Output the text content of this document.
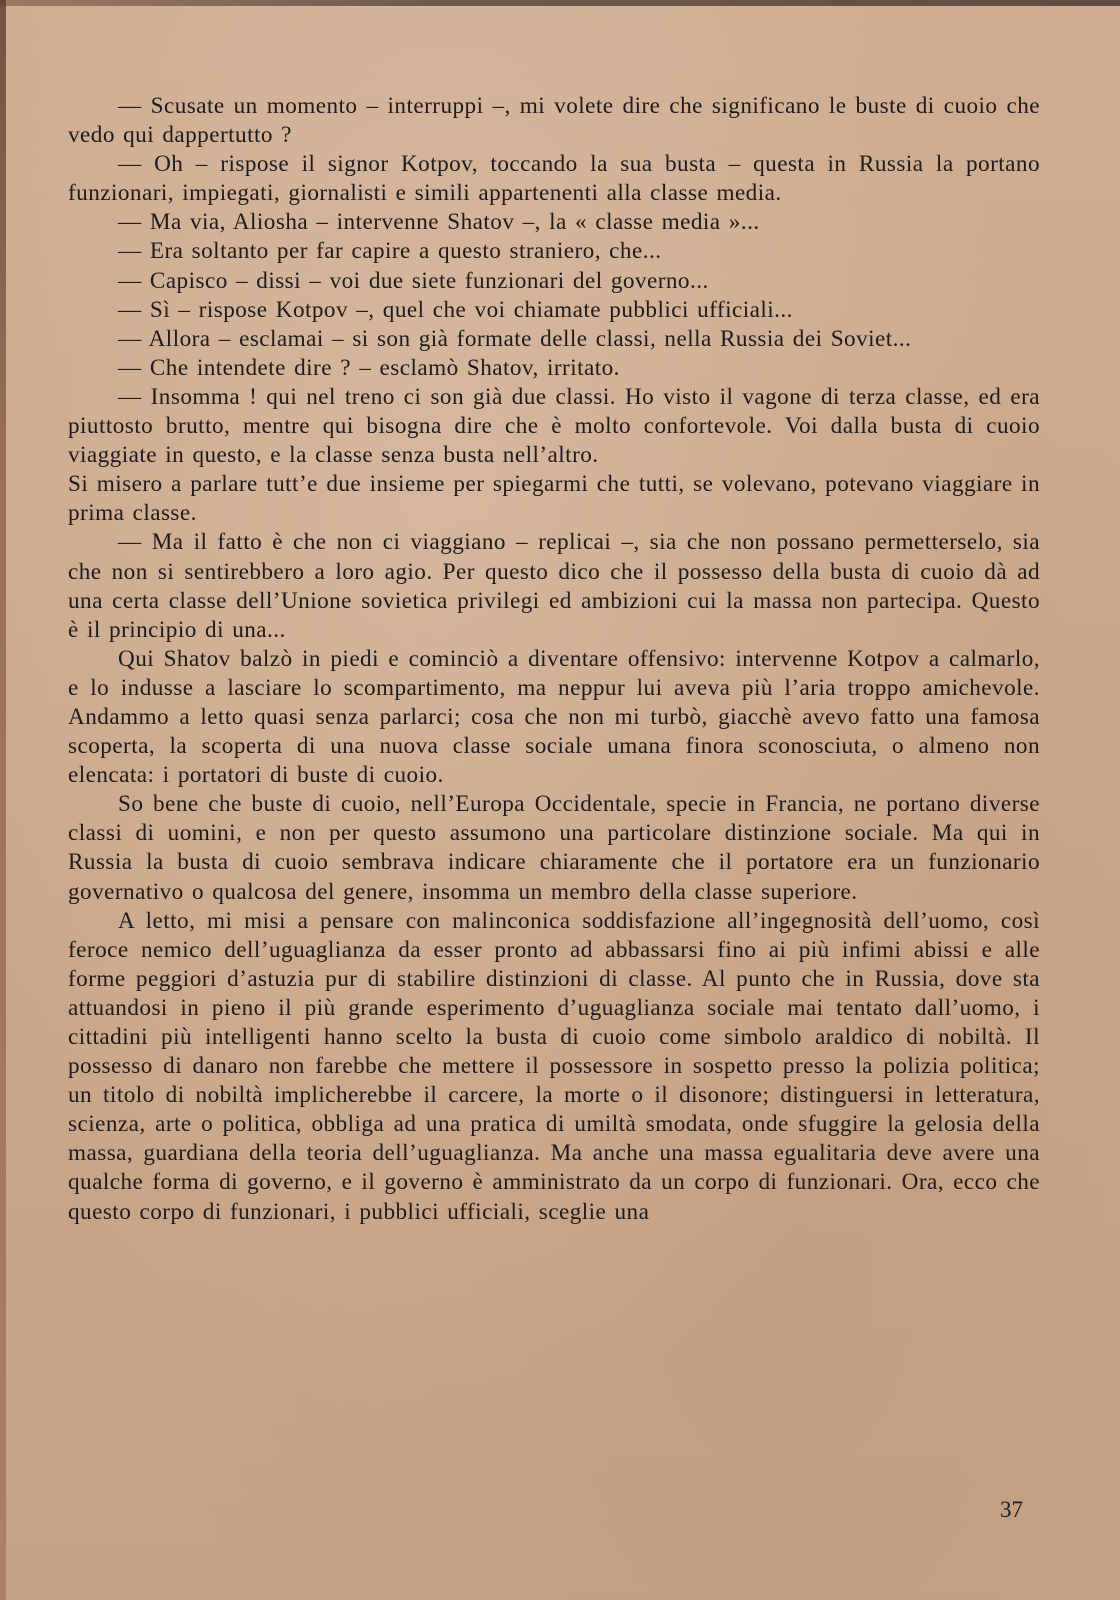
— Scusate un momento – interruppi –, mi volete dire che significano le buste di cuoio che vedo qui dappertutto ?

— Oh – rispose il signor Kotpov, toccando la sua busta – questa in Russia la portano funzionari, impiegati, giornalisti e simili appartenenti alla classe media.

— Ma via, Aliosha – intervenne Shatov –, la « classe media »...

— Era soltanto per far capire a questo straniero, che...

— Capisco – dissi – voi due siete funzionari del governo...

— Sì – rispose Kotpov –, quel che voi chiamate pubblici ufficiali...

— Allora – esclamai – si son già formate delle classi, nella Russia dei Soviet...

— Che intendete dire ? – esclamò Shatov, irritato.

— Insomma ! qui nel treno ci son già due classi. Ho visto il vagone di terza classe, ed era piuttosto brutto, mentre qui bisogna dire che è molto confortevole. Voi dalla busta di cuoio viaggiate in questo, e la classe senza busta nell’altro.

Si misero a parlare tutt’e due insieme per spiegarmi che tutti, se volevano, potevano viaggiare in prima classe.

— Ma il fatto è che non ci viaggiano – replicai –, sia che non possano permetterselo, sia che non si sentirebbero a loro agio. Per questo dico che il possesso della busta di cuoio dà ad una certa classe dell’Unione sovietica privilegi ed ambizioni cui la massa non partecipa. Questo è il principio di una...

Qui Shatov balzò in piedi e cominciò a diventare offensivo: intervenne Kotpov a calmarlo, e lo indusse a lasciare lo scompartimento, ma neppur lui aveva più l’aria troppo amichevole. Andammo a letto quasi senza parlarci; cosa che non mi turbò, giacchè avevo fatto una famosa scoperta, la scoperta di una nuova classe sociale umana finora sconosciuta, o almeno non elencata: i portatori di buste di cuoio.

So bene che buste di cuoio, nell’Europa Occidentale, specie in Francia, ne portano diverse classi di uomini, e non per questo assumono una particolare distinzione sociale. Ma qui in Russia la busta di cuoio sembrava indicare chiaramente che il portatore era un funzionario governativo o qualcosa del genere, insomma un membro della classe superiore.

A letto, mi misi a pensare con malinconica soddisfazione all’ingegnosità dell’uomo, così feroce nemico dell’uguaglianza da esser pronto ad abbassarsi fino ai più infimi abissi e alle forme peggiori d’astuzia pur di stabilire distinzioni di classe. Al punto che in Russia, dove sta attuandosi in pieno il più grande esperimento d’uguaglianza sociale mai tentato dall’uomo, i cittadini più intelligenti hanno scelto la busta di cuoio come simbolo araldico di nobiltà. Il possesso di danaro non farebbe che mettere il possessore in sospetto presso la polizia politica; un titolo di nobiltà implicherebbe il carcere, la morte o il disonore; distinguersi in letteratura, scienza, arte o politica, obbliga ad una pratica di umiltà smodata, onde sfuggire la gelosia della massa, guardiana della teoria dell’uguaglianza. Ma anche una massa egualitaria deve avere una qualche forma di governo, e il governo è amministrato da un corpo di funzionari. Ora, ecco che questo corpo di funzionari, i pubblici ufficiali, sceglie una

37
